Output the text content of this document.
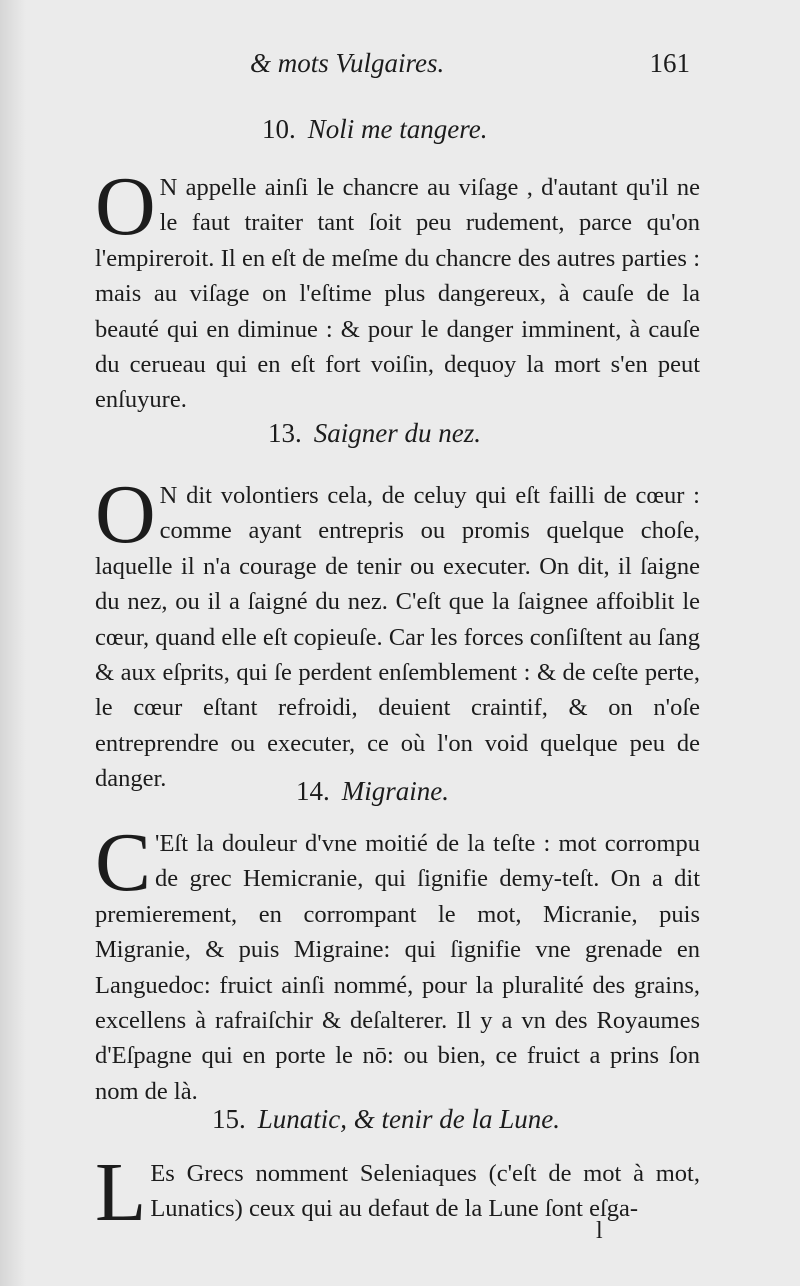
& mots Vulgaires.	161
10. Noli me tangere.
O N appelle ainſi le chancre au viſage , d'autant qu'il ne le faut traiter tant ſoit peu rudement, parce qu'on l'empireroit. Il en eſt de meſme du chancre des autres parties : mais au viſage on l'eſtime plus dangereux, à cauſe de la beauté qui en diminue : & pour le danger imminent, à cauſe du cerueau qui en eſt fort voiſin, dequoy la mort s'en peut enſuyure.
13. Saigner du nez.
O N dit volontiers cela, de celuy qui eſt failli de cœur : comme ayant entrepris ou promis quelque choſe, laquelle il n'a courage de tenir ou executer. On dit, il ſaigne du nez, ou il a ſaigné du nez. C'eſt que la ſaignee affoiblit le cœur, quand elle eſt copieuſe. Car les forces conſiſtent au ſang & aux eſprits, qui ſe perdent enſemblement : & de ceſte perte, le cœur eſtant refroidi, deuient craintif, & on n'oſe entreprendre ou executer, ce où l'on void quelque peu de danger.	14. Migraine.
C 'Eſt la douleur d'vne moitié de la teſte : mot corrompu de grec Hemicranie, qui ſignifie demy-teſt. On a dit premierement, en corrompant le mot, Micranie, puis Migranie, & puis Migraine: qui ſignifie vne grenade en Languedoc: fruict ainſi nommé, pour la pluralité des grains, excellens à rafraiſchir & deſalterer. Il y a vn des Royaumes d'Eſpagne qui en porte le nō: ou bien, ce fruict a prins ſon nom de là.
15. Lunatic, & tenir de la Lune.
L Es Grecs nomment Seleniaques (c'eſt de mot à mot, Lunatics) ceux qui au defaut de la Lune ſont eſga-
l
